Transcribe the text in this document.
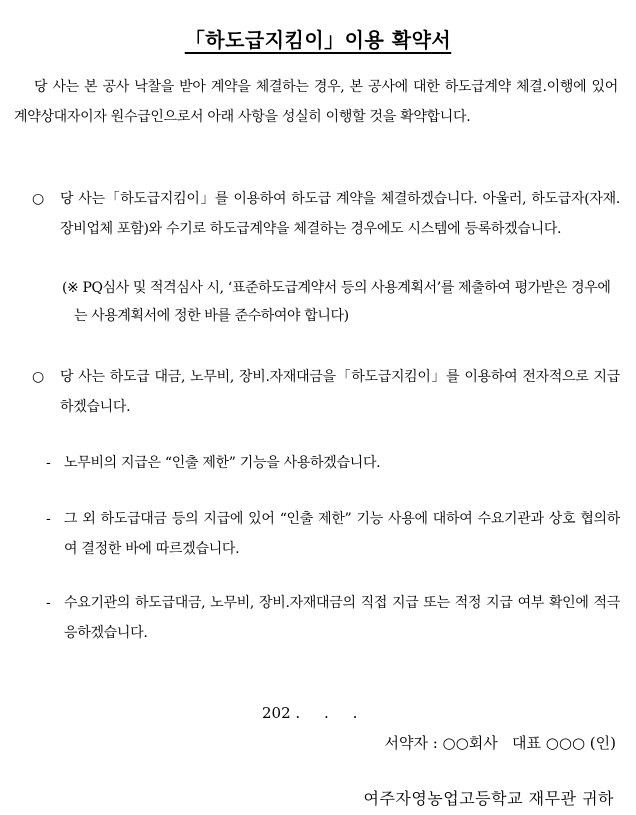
「하도급지킴이」이용 확약서
당 사는 본 공사 낙찰을 받아 계약을 체결하는 경우, 본 공사에 대한 하도급계약 체결.이행에 있어 계약상대자이자 원수급인으로서 아래 사항을 성실히 이행할 것을 확약합니다.
○ 당 사는「하도급지킴이」를 이용하여 하도급 계약을 체결하겠습니다. 아울러, 하도급자(자재.장비업체 포함)와 수기로 하도급계약을 체결하는 경우에도 시스템에 등록하겠습니다.
(※ PQ심사 및 적격심사 시, ‘표준하도급계약서 등의 사용계획서’를 제출하여 평가받은 경우에는 사용계획서에 정한 바를 준수하여야 합니다)
○ 당 사는 하도급 대금, 노무비, 장비.자재대금을「하도급지킴이」를 이용하여 전자적으로 지급하겠습니다.
- 노무비의 지급은 “인출 제한” 기능을 사용하겠습니다.
- 그 외 하도급대금 등의 지급에 있어 “인출 제한” 기능 사용에 대하여 수요기관과 상호 협의하여 결정한 바에 따르겠습니다.
- 수요기관의 하도급대금, 노무비, 장비.자재대금의 직접 지급 또는 적정 지급 여부 확인에 적극 응하겠습니다.
202 .     .     .
서약자 : ○○회사   대표 ○○○ (인)
여주자영농업고등학교 재무관 귀하
